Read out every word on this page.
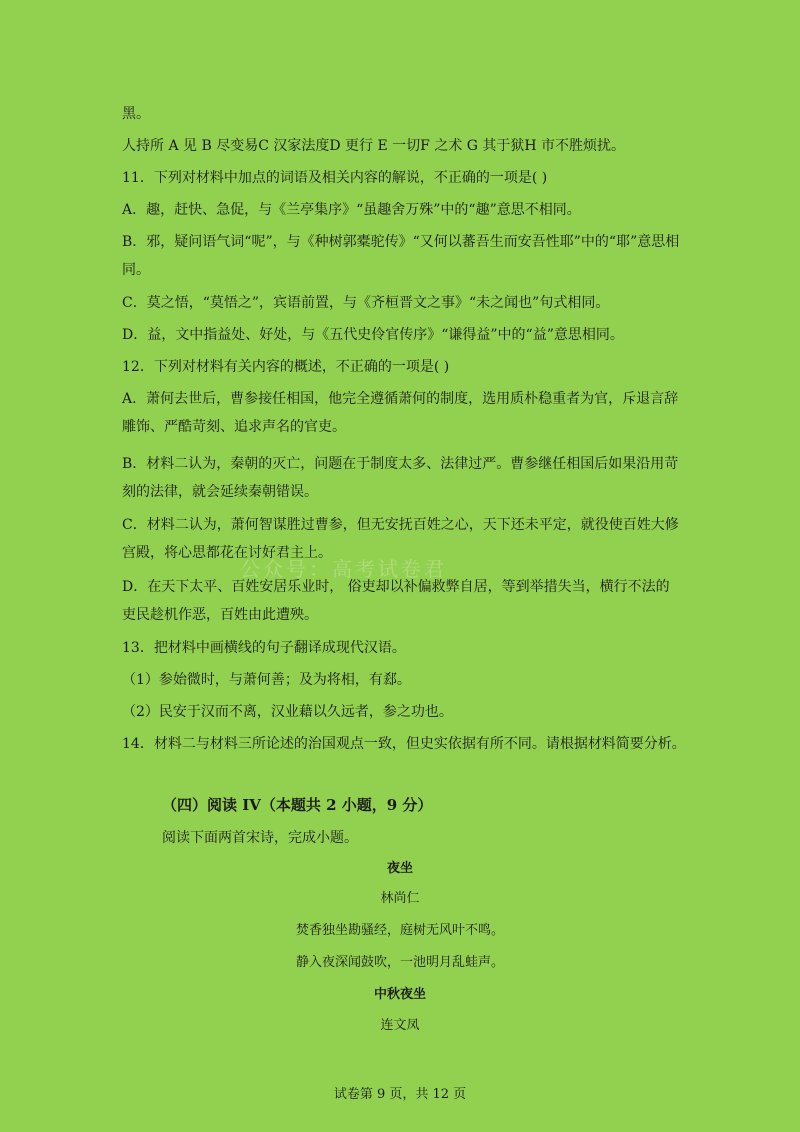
黑。
人持所 A 见 B 尽变易C 汉家法度D 更行 E 一切F 之术 G 其于狱H 市不胜烦扰。
11．下列对材料中加点的词语及相关内容的解说，不正确的一项是( )
A．趣，赶快、急促，与《兰亭集序》“虽趣舍万殊”中的“趣”意思不相同。
B．邪，疑问语气词“呢”，与《种树郭橐驼传》“又何以蕃吾生而安吾性耶”中的“耶”意思相同。
C．莫之悟，“莫悟之”，宾语前置，与《齐桓晋文之事》“未之闻也”句式相同。
D．益，文中指益处、好处，与《五代史伶官传序》“谦得益”中的“益”意思相同。
12．下列对材料有关内容的概述，不正确的一项是( )
A．萧何去世后，曹参接任相国，他完全遵循萧何的制度，选用质朴稳重者为官，斥退言辞雕饰、严酷苛刻、追求声名的官吏。
B．材料二认为，秦朝的灭亡，问题在于制度太多、法律过严。曹参继任相国后如果沿用苛刻的法律，就会延续秦朝错误。
C．材料二认为，萧何智谋胜过曹参，但无安抚百姓之心，天下还未平定，就役使百姓大修宫殿，将心思都花在讨好君主上。
D．在天下太平、百姓安居乐业时， 俗吏却以补偏救弊自居，等到举措失当，横行不法的吏民趁机作恶，百姓由此遭殃。
13．把材料中画横线的句子翻译成现代汉语。
（1）参始微时，与萧何善；及为将相，有郄。
（2）民安于汉而不离，汉业藉以久远者，参之功也。
14．材料二与材料三所论述的治国观点一致，但史实依据有所不同。请根据材料简要分析。
（四）阅读 IV（本题共 2 小题，9 分）
阅读下面两首宋诗，完成小题。
夜坐
林尚仁
焚香独坐勘骚经，庭树无风叶不鸣。
静入夜深闻鼓吹，一池明月乱蛙声。
中秋夜坐
连文凤
公众号：高考试卷君
试卷第 9 页，共 12 页
